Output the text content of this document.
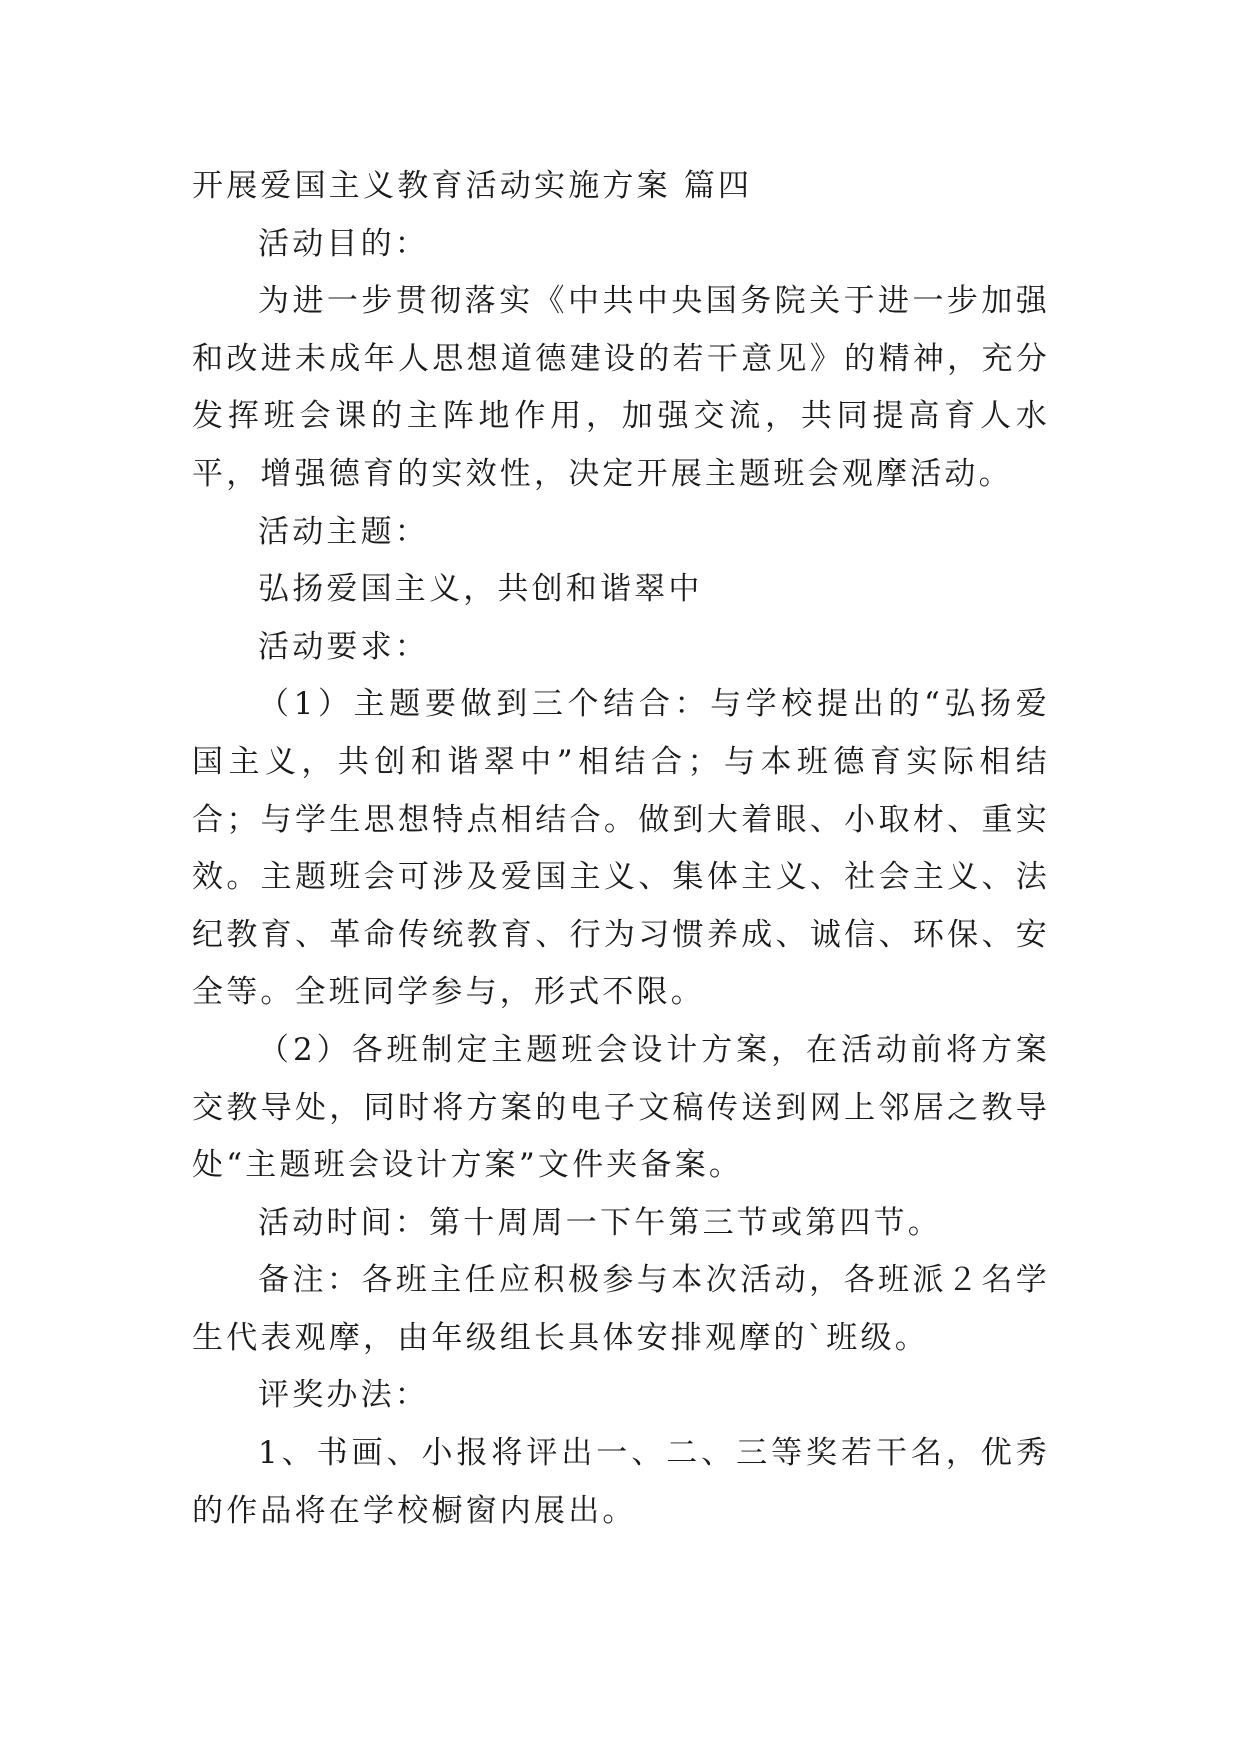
开展爱国主义教育活动实施方案 篇四

活动目的：

为进一步贯彻落实《中共中央国务院关于进一步加强和改进未成年人思想道德建设的若干意见》的精神，充分发挥班会课的主阵地作用，加强交流，共同提高育人水平，增强德育的实效性，决定开展主题班会观摩活动。

活动主题：

弘扬爱国主义，共创和谐翠中

活动要求：

（1）主题要做到三个结合：与学校提出的“弘扬爱国主义，共创和谐翠中”相结合；与本班德育实际相结合；与学生思想特点相结合。做到大着眼、小取材、重实效。主题班会可涉及爱国主义、集体主义、社会主义、法纪教育、革命传统教育、行为习惯养成、诚信、环保、安全等。全班同学参与，形式不限。

（2）各班制定主题班会设计方案，在活动前将方案交教导处，同时将方案的电子文稿传送到网上邻居之教导处“主题班会设计方案”文件夹备案。

活动时间：第十周周一下午第三节或第四节。

备注：各班主任应积极参与本次活动，各班派２名学生代表观摩，由年级组长具体安排观摩的`班级。

评奖办法：

1、书画、小报将评出一、二、三等奖若干名，优秀的作品将在学校橱窗内展出。
